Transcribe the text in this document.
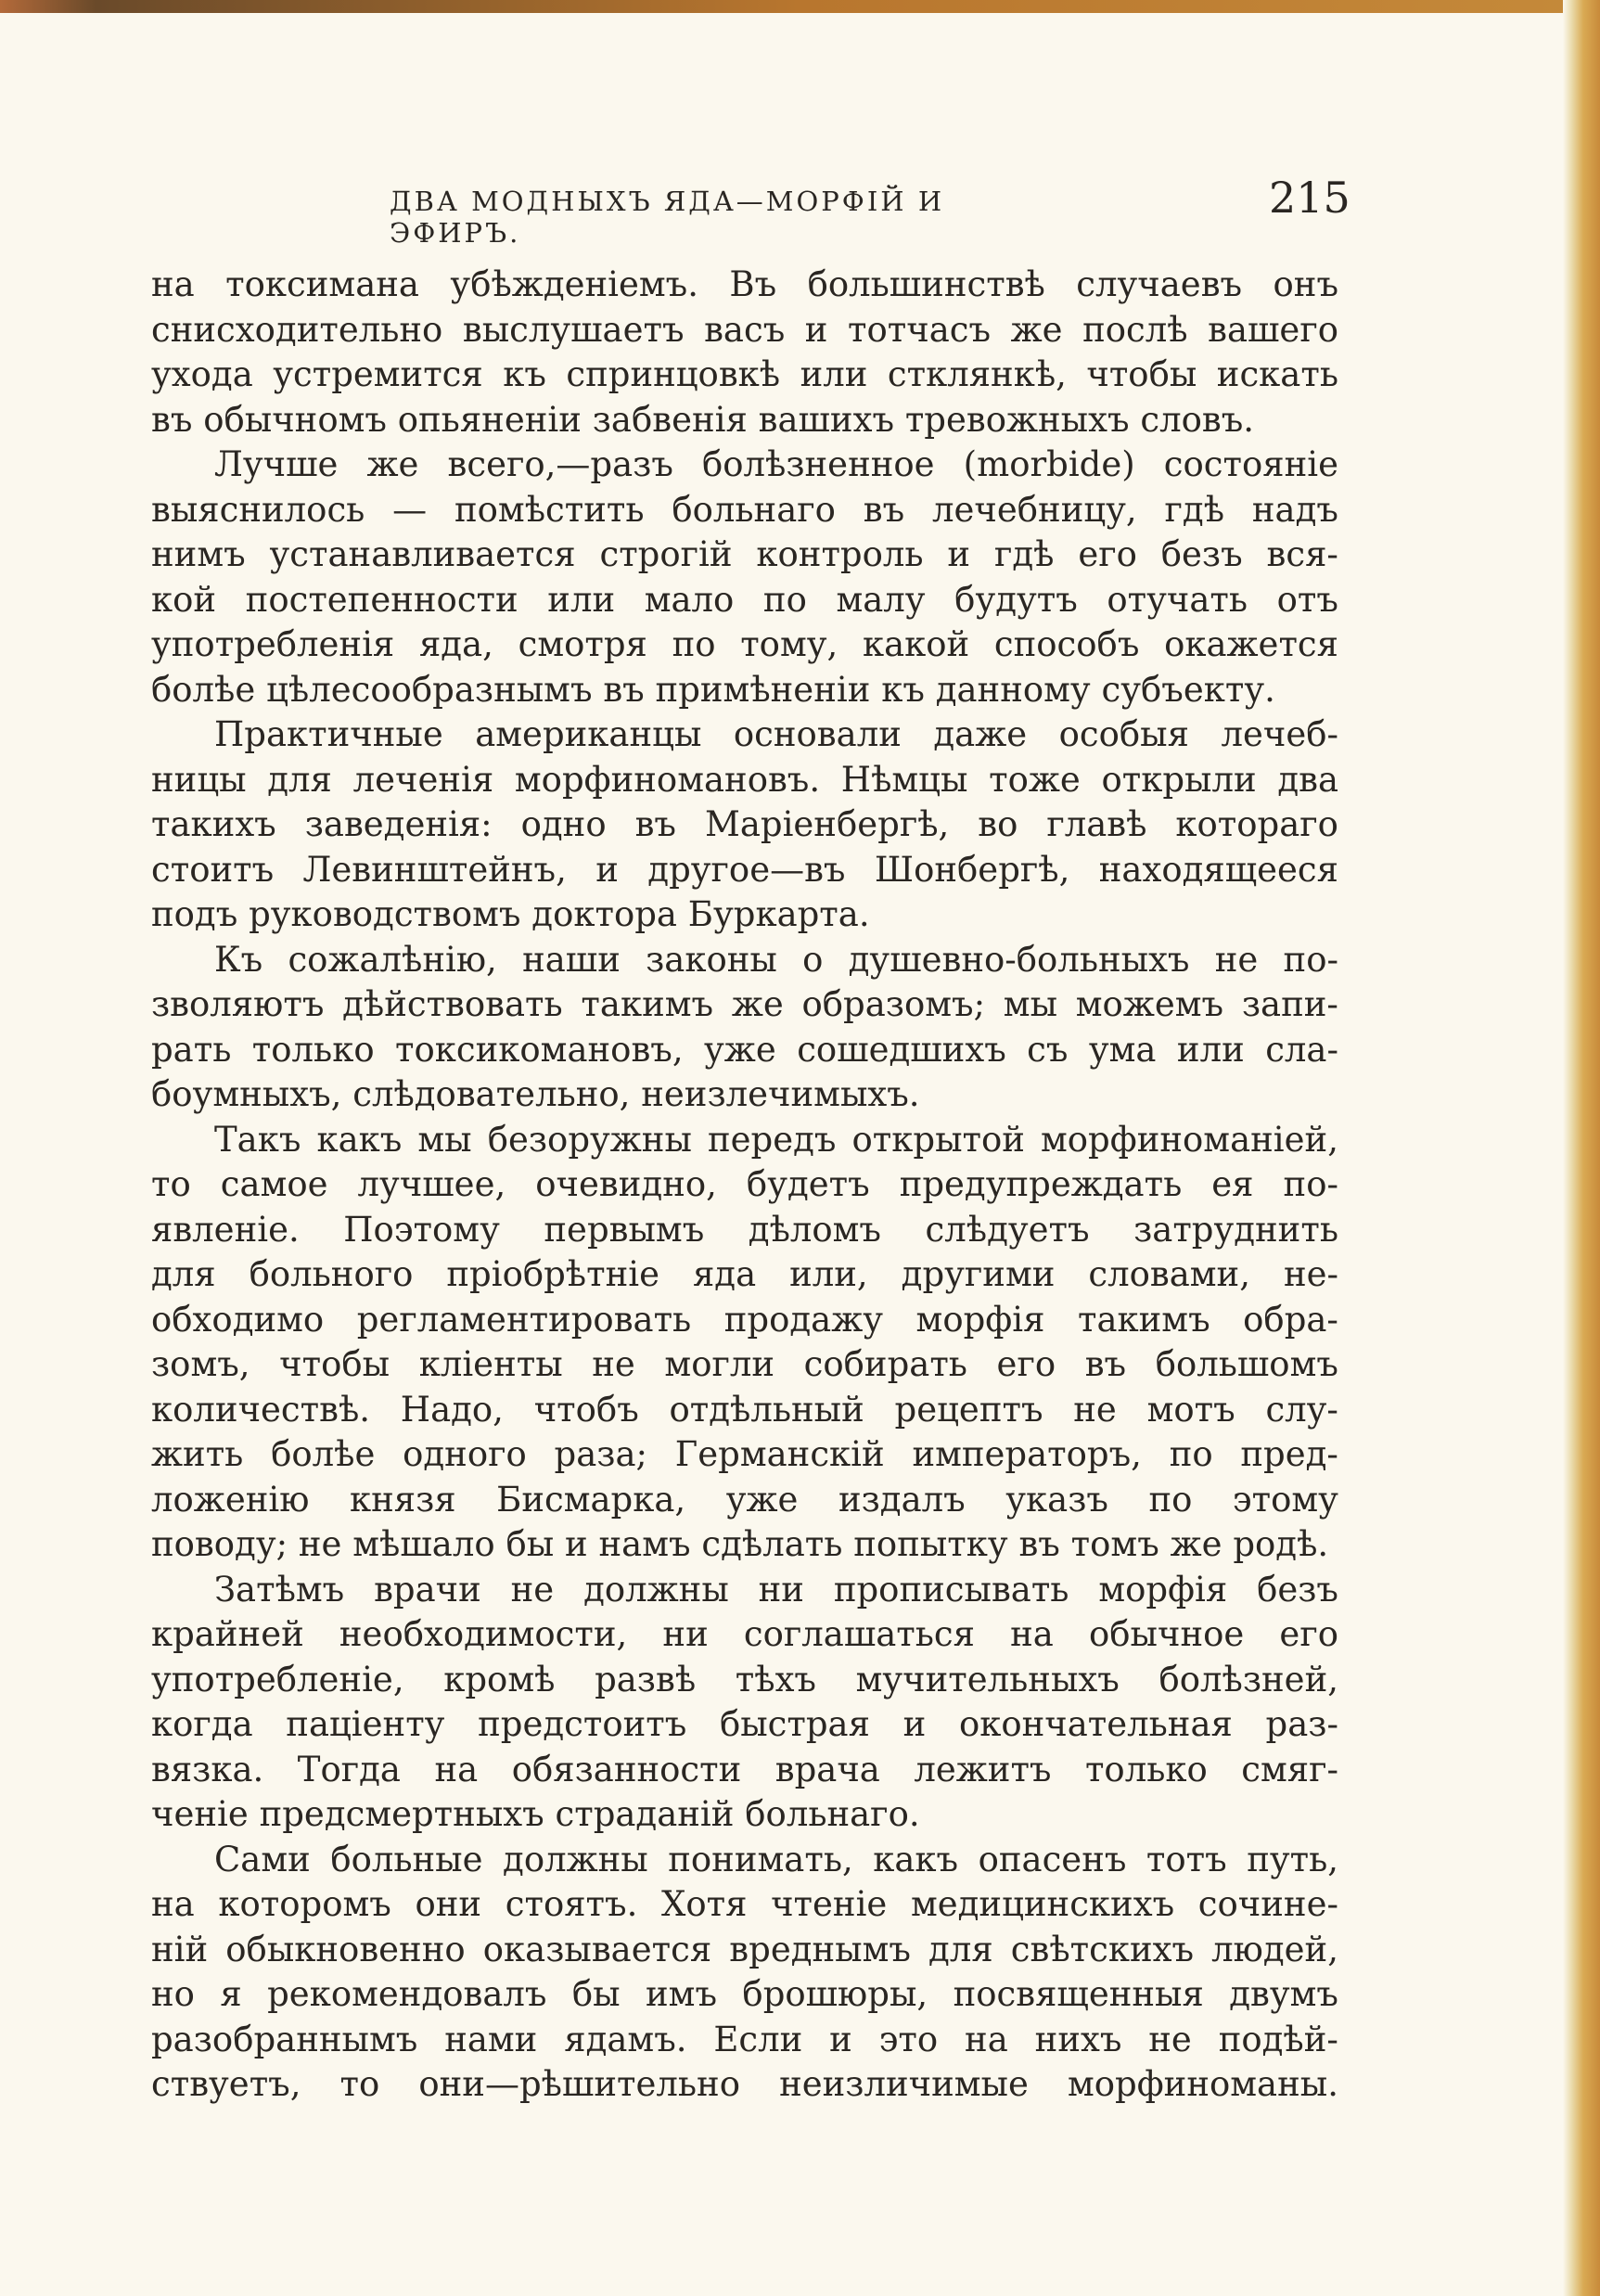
ДВА МОДНЫХЪ ЯДА—МОРФІЙ И ЭФИРЪ.
215
на токсимана убѣжденіемъ. Въ большинствѣ случаевъ онъ
снисходительно выслушаетъ васъ и тотчасъ же послѣ вашего
ухода устремится къ спринцовкѣ или стклянкѣ, чтобы искать
въ обычномъ опьяненіи забвенія вашихъ тревожныхъ словъ.
Лучше же всего,—разъ болѣзненное (morbide) состояніе
выяснилось — помѣстить больнаго въ лечебницу, гдѣ надъ
нимъ устанавливается строгій контроль и гдѣ его безъ вся-
кой постепенности или мало по малу будутъ отучать отъ
употребленія яда, смотря по тому, какой способъ окажется
болѣе цѣлесообразнымъ въ примѣненіи къ данному субъекту.
Практичные американцы основали даже особыя лечеб-
ницы для леченія морфиномановъ. Нѣмцы тоже открыли два
такихъ заведенія: одно въ Маріенбергѣ, во главѣ котораго
стоитъ Левинштейнъ, и другое—въ Шонбергѣ, находящееся
подъ руководствомъ доктора Буркарта.
Къ сожалѣнію, наши законы о душевно-больныхъ не по-
зволяютъ дѣйствовать такимъ же образомъ; мы можемъ запи-
рать только токсикомановъ, уже сошедшихъ съ ума или сла-
боумныхъ, слѣдовательно, неизлечимыхъ.
Такъ какъ мы безоружны передъ открытой морфиноманіей,
то самое лучшее, очевидно, будетъ предупреждать ея по-
явленіе. Поэтому первымъ дѣломъ слѣдуетъ затруднить
для больного пріобрѣтніе яда или, другими словами, не-
обходимо регламентировать продажу морфія такимъ обра-
зомъ, чтобы кліенты не могли собирать его въ большомъ
количествѣ. Надо, чтобъ отдѣльный рецептъ не мотъ слу-
жить болѣе одного раза; Германскій императоръ, по пред-
ложенію князя Бисмарка, уже издалъ указъ по этому
поводу; не мѣшало бы и намъ сдѣлать попытку въ томъ же родѣ.
Затѣмъ врачи не должны ни прописывать морфія безъ
крайней необходимости, ни соглашаться на обычное его
употребленіе, кромѣ развѣ тѣхъ мучительныхъ болѣзней,
когда паціенту предстоитъ быстрая и окончательная раз-
вязка. Тогда на обязанности врача лежитъ только смяг-
ченіе предсмертныхъ страданій больнаго.
Сами больные должны понимать, какъ опасенъ тотъ путь,
на которомъ они стоятъ. Хотя чтеніе медицинскихъ сочине-
ній обыкновенно оказывается вреднымъ для свѣтскихъ людей,
но я рекомендовалъ бы имъ брошюры, посвященныя двумъ
разобраннымъ нами ядамъ. Если и это на нихъ не подѣй-
ствуетъ, то они—рѣшительно неизличимые морфиноманы.
